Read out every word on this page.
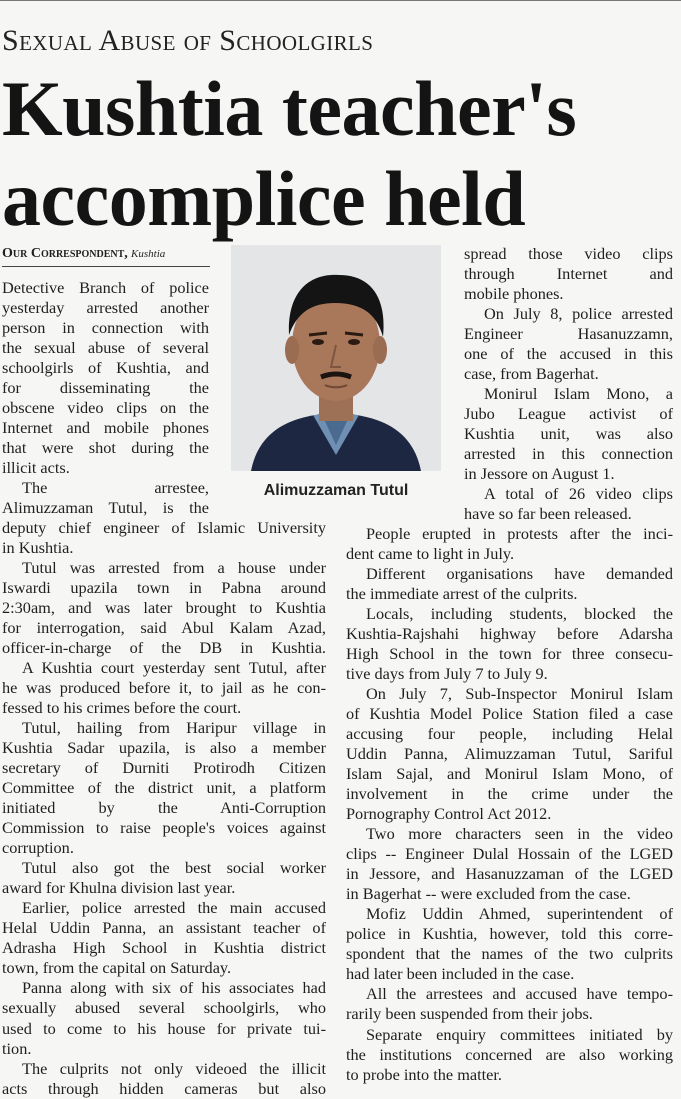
Sexual Abuse of Schoolgirls
Kushtia teacher's accomplice held
Our Correspondent, Kushtia
Alimuzzaman Tutul
Detective Branch of police
yesterday arrested another
person in connection with
the sexual abuse of several
schoolgirls of Kushtia, and
for disseminating the
obscene video clips on the
Internet and mobile phones
that were shot during the
illicit acts.
The arrestee,
Alimuzzaman Tutul, is the
deputy chief engineer of Islamic University
in Kushtia.
Tutul was arrested from a house under
Iswardi upazila town in Pabna around
2:30am, and was later brought to Kushtia
for interrogation, said Abul Kalam Azad,
officer-in-charge of the DB in Kushtia.
A Kushtia court yesterday sent Tutul, after
he was produced before it, to jail as he con-
fessed to his crimes before the court.
Tutul, hailing from Haripur village in
Kushtia Sadar upazila, is also a member
secretary of Durniti Protirodh Citizen
Committee of the district unit, a platform
initiated by the Anti-Corruption
Commission to raise people's voices against
corruption.
Tutul also got the best social worker
award for Khulna division last year.
Earlier, police arrested the main accused
Helal Uddin Panna, an assistant teacher of
Adrasha High School in Kushtia district
town, from the capital on Saturday.
Panna along with six of his associates had
sexually abused several schoolgirls, who
used to come to his house for private tui-
tion.
The culprits not only videoed the illicit
acts through hidden cameras but also
spread those video clips
through Internet and
mobile phones.
On July 8, police arrested
Engineer Hasanuzzamn,
one of the accused in this
case, from Bagerhat.
Monirul Islam Mono, a
Jubo League activist of
Kushtia unit, was also
arrested in this connection
in Jessore on August 1.
A total of 26 video clips
have so far been released.
People erupted in protests after the inci-
dent came to light in July.
Different organisations have demanded
the immediate arrest of the culprits.
Locals, including students, blocked the
Kushtia-Rajshahi highway before Adarsha
High School in the town for three consecu-
tive days from July 7 to July 9.
On July 7, Sub-Inspector Monirul Islam
of Kushtia Model Police Station filed a case
accusing four people, including Helal
Uddin Panna, Alimuzzaman Tutul, Sariful
Islam Sajal, and Monirul Islam Mono, of
involvement in the crime under the
Pornography Control Act 2012.
Two more characters seen in the video
clips -- Engineer Dulal Hossain of the LGED
in Jessore, and Hasanuzzaman of the LGED
in Bagerhat -- were excluded from the case.
Mofiz Uddin Ahmed, superintendent of
police in Kushtia, however, told this corre-
spondent that the names of the two culprits
had later been included in the case.
All the arrestees and accused have tempo-
rarily been suspended from their jobs.
Separate enquiry committees initiated by
the institutions concerned are also working
to probe into the matter.
